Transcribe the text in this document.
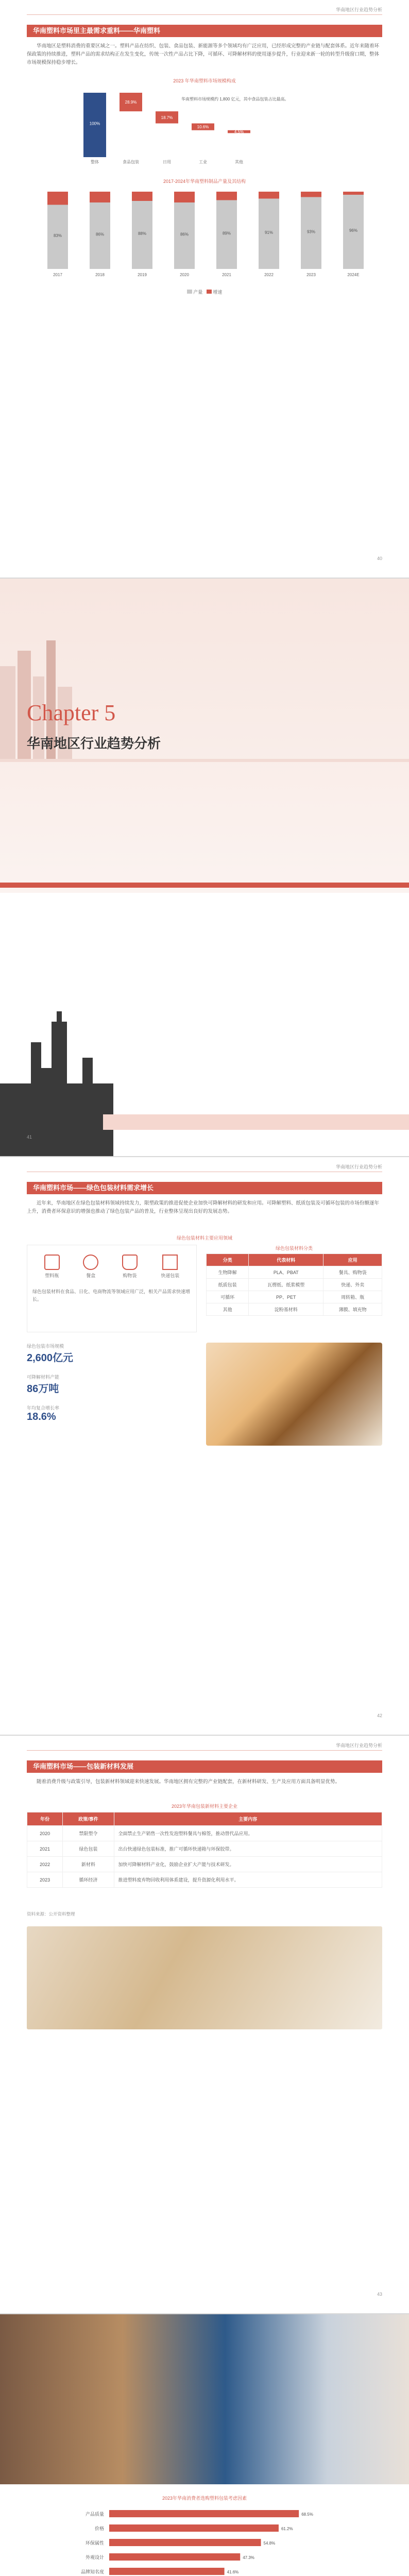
华南地区行业趋势分析
华南塑料市场里主最需求重料——华南塑料
华南地区是塑料消费的重要区域之一。塑料产品在纺织、包装、食品包装、新能源等多个领域均有广泛应用，已经形成完整的产业链与配套体系。近年来随着环保政策的持续推进，塑料产品的需求结构正在发生变化，传统一次性产品占比下降，可循环、可降解材料的使用逐步提升，行业迎来新一轮的转型升级窗口期，整体市场规模保持稳步增长。
2023 年华南塑料市场规模构成
100%
整体
28.9%
食品包装
18.7%
日用
10.6%
工业
4.5%
其他
华南塑料市场规模约 1,800 亿元，其中食品包装占比最高。
2017-2024年华南塑料制品产量及其结构
83%
2017
86%
2018
88%
2019
86%
2020
89%
2021
91%
2022
93%
2023
96%
2024E
产量 增速
40
Chapter 5
华南地区行业趋势分析
41
华南地区行业趋势分析
华南塑料市场——绿色包装材料需求增长
近年来，华南地区在绿色包装材料领域持续发力，限塑政策的推进促使企业加快可降解材料的研发和应用。可降解塑料、纸质包装及可循环包装的市场份额逐年上升，消费者环保意识的增强也推动了绿色包装产品的普及，行业整体呈现出良好的发展态势。
绿色包装材料主要应用领域
塑料瓶	餐盒	购物袋	快递包装
绿色包装材料在食品、日化、电商物流等领域应用广泛，相关产品需求快速增长。
绿色包装材料分类
分类	代表材料	应用
生物降解	PLA、PBAT	餐具、购物袋
纸质包装	瓦楞纸、纸浆模塑	快递、外卖
可循环	PP、PET	周转箱、瓶
其他	淀粉基材料	薄膜、填充物
绿色包装市场规模
2,600亿元
可降解材料产能
86万吨
年均复合增长率
18.6%
42
华南地区行业趋势分析
华南塑料市场——包装新材料发展
随着消费升级与政策引导，包装新材料领域迎来快速发展。华南地区拥有完整的产业链配套，在新材料研发、生产及应用方面具备明显优势。
2023年华南包装新材料主要企业
年份	政策/事件	主要内容
2020	禁限塑令	全面禁止生产销售一次性发泡塑料餐具与棉签，推动替代品应用。
2021	绿色包装	出台快递绿色包装标准，推广可循环快递箱与环保胶带。
2022	新材料	加快可降解材料产业化，鼓励企业扩大产能与技术研发。
2023	循环经济	推进塑料废弃物回收利用体系建设，提升资源化利用水平。
资料来源：公开资料整理
43
2023年华南消费者选购塑料包装考虑因素
产品质量	68.5%
价格	61.2%
环保属性	54.8%
外观设计	47.3%
品牌知名度	41.6%
